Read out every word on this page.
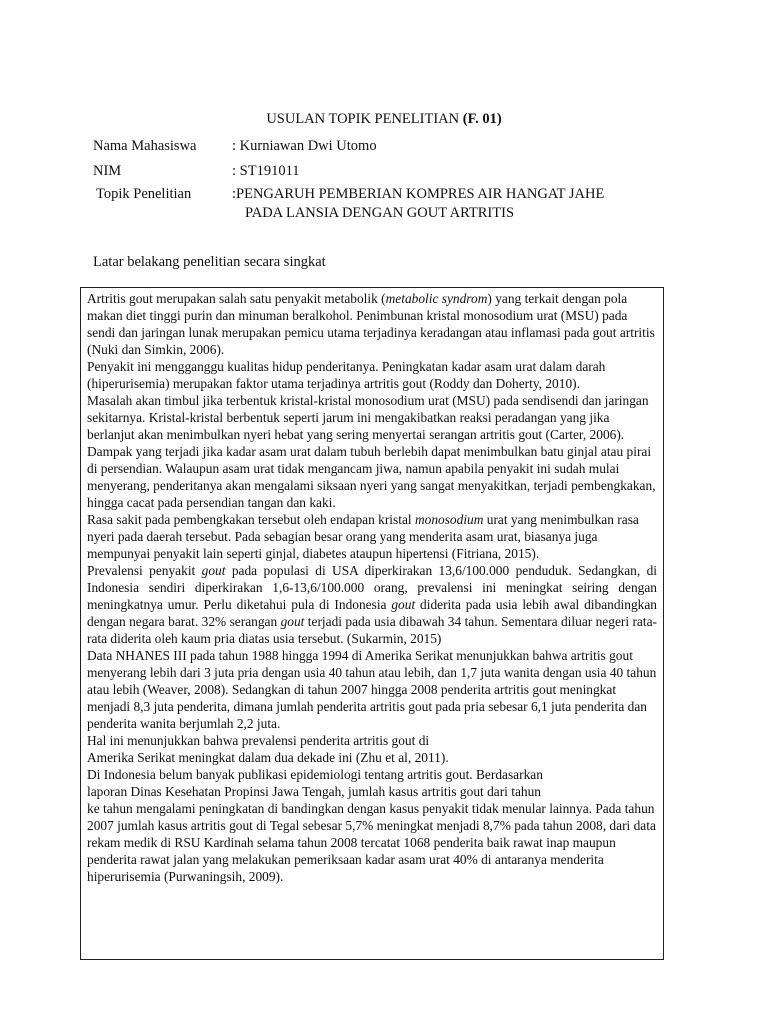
USULAN TOPIK PENELITIAN (F. 01)
Nama Mahasiswa : Kurniawan Dwi Utomo
NIM	: ST191011
Topik Penelitian	:PENGARUH PEMBERIAN KOMPRES AIR HANGAT JAHE
PADA LANSIA DENGAN GOUT ARTRITIS
Latar belakang penelitian secara singkat

Artritis gout merupakan salah satu penyakit metabolik (metabolic syndrom) yang terkait dengan pola makan diet tinggi purin dan minuman beralkohol. Penimbunan kristal monosodium urat (MSU) pada sendi dan jaringan lunak merupakan pemicu utama terjadinya keradangan atau inflamasi pada gout artritis (Nuki dan Simkin, 2006).

Penyakit ini mengganggu kualitas hidup penderitanya. Peningkatan kadar asam urat dalam darah (hiperurisemia) merupakan faktor utama terjadinya artritis gout (Roddy dan Doherty, 2010).

Masalah akan timbul jika terbentuk kristal-kristal monosodium urat (MSU) pada sendisendi dan jaringan sekitarnya. Kristal-kristal berbentuk seperti jarum ini mengakibatkan reaksi peradangan yang jika berlanjut akan menimbulkan nyeri hebat yang sering menyertai serangan artritis gout (Carter, 2006).

Dampak yang terjadi jika kadar asam urat dalam tubuh berlebih dapat menimbulkan batu ginjal atau pirai di persendian. Walaupun asam urat tidak mengancam jiwa, namun apabila penyakit ini sudah mulai menyerang, penderitanya akan mengalami siksaan nyeri yang sangat menyakitkan, terjadi pembengkakan, hingga cacat pada persendian tangan dan kaki.

Rasa sakit pada pembengkakan tersebut oleh endapan kristal monosodium urat yang menimbulkan rasa nyeri pada daerah tersebut. Pada sebagian besar orang yang menderita asam urat, biasanya juga mempunyai penyakit lain seperti ginjal, diabetes ataupun hipertensi (Fitriana, 2015).

Prevalensi penyakit gout pada populasi di USA diperkirakan 13,6/100.000 penduduk. Sedangkan, di Indonesia sendiri diperkirakan 1,6-13,6/100.000 orang, prevalensi ini meningkat seiring dengan meningkatnya umur. Perlu diketahui pula di Indonesia gout diderita pada usia lebih awal dibandingkan dengan negara barat. 32% serangan gout terjadi pada usia dibawah 34 tahun. Sementara diluar negeri rata-rata diderita oleh kaum pria diatas usia tersebut. (Sukarmin, 2015)

Data NHANES III pada tahun 1988 hingga 1994 di Amerika Serikat menunjukkan bahwa artritis gout menyerang lebih dari 3 juta pria dengan usia 40 tahun atau lebih, dan 1,7 juta wanita dengan usia 40 tahun atau lebih (Weaver, 2008). Sedangkan di tahun 2007 hingga 2008 penderita artritis gout meningkat menjadi 8,3 juta penderita, dimana jumlah penderita artritis gout pada pria sebesar 6,1 juta penderita dan penderita wanita berjumlah 2,2 juta.

Hal ini menunjukkan bahwa prevalensi penderita artritis gout di

Amerika Serikat meningkat dalam dua dekade ini (Zhu et al, 2011).

Di Indonesia belum banyak publikasi epidemiologi tentang artritis gout. Berdasarkan

laporan Dinas Kesehatan Propinsi Jawa Tengah, jumlah kasus artritis gout dari tahun

ke tahun mengalami peningkatan di bandingkan dengan kasus penyakit tidak menular lainnya. Pada tahun 2007 jumlah kasus artritis gout di Tegal sebesar 5,7% meningkat menjadi 8,7% pada tahun 2008, dari data rekam medik di RSU Kardinah selama tahun 2008 tercatat 1068 penderita baik rawat inap maupun penderita rawat jalan yang melakukan pemeriksaan kadar asam urat 40% di antaranya menderita hiperurisemia (Purwaningsih, 2009).
